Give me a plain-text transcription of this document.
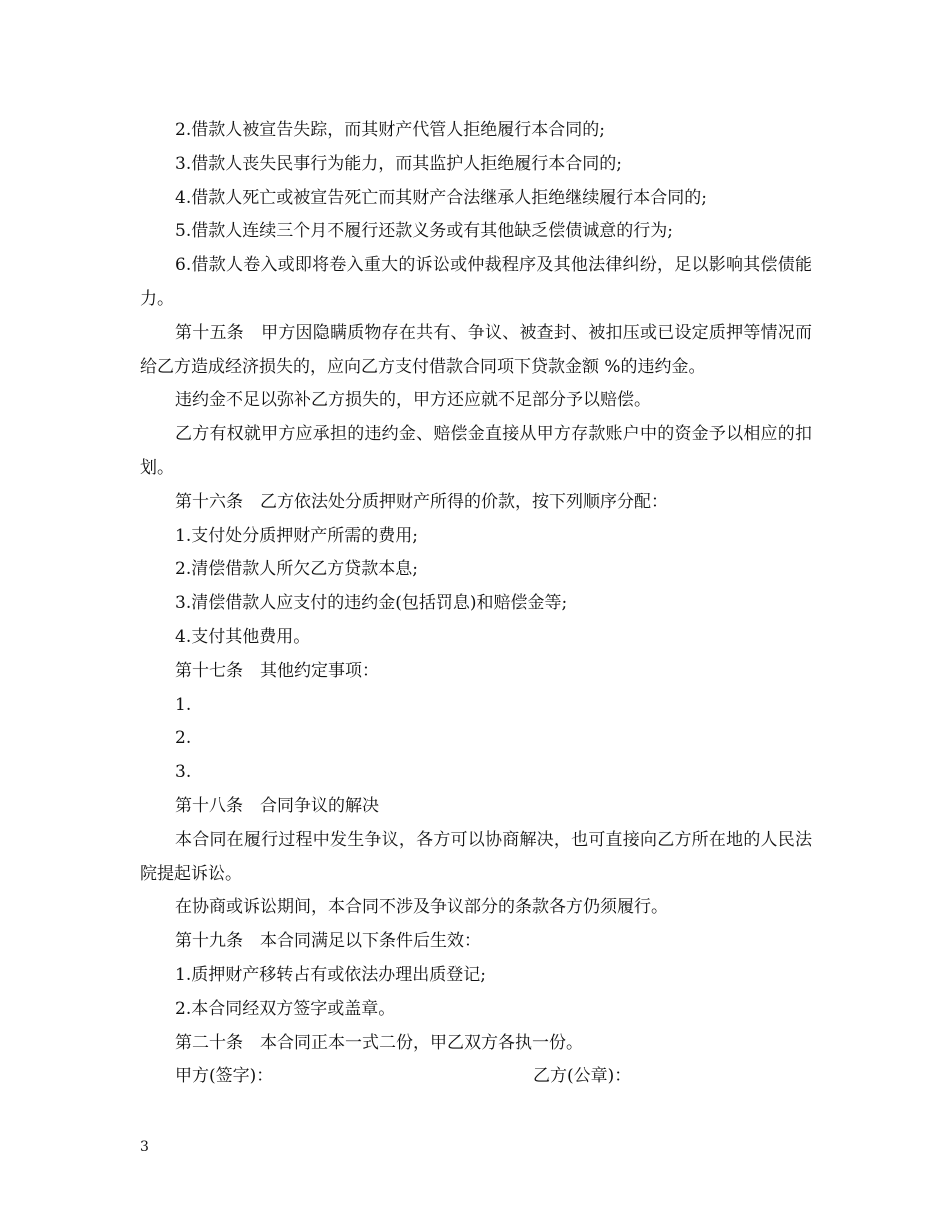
2.借款人被宣告失踪，而其财产代管人拒绝履行本合同的;

3.借款人丧失民事行为能力，而其监护人拒绝履行本合同的;

4.借款人死亡或被宣告死亡而其财产合法继承人拒绝继续履行本合同的;

5.借款人连续三个月不履行还款义务或有其他缺乏偿债诚意的行为;

6.借款人卷入或即将卷入重大的诉讼或仲裁程序及其他法律纠纷，足以影响其偿债能力。

第十五条　甲方因隐瞒质物存在共有、争议、被查封、被扣压或已设定质押等情况而给乙方造成经济损失的，应向乙方支付借款合同项下贷款金额 %的违约金。

违约金不足以弥补乙方损失的，甲方还应就不足部分予以赔偿。

乙方有权就甲方应承担的违约金、赔偿金直接从甲方存款账户中的资金予以相应的扣划。

第十六条　乙方依法处分质押财产所得的价款，按下列顺序分配：

1.支付处分质押财产所需的费用;

2.清偿借款人所欠乙方贷款本息;

3.清偿借款人应支付的违约金(包括罚息)和赔偿金等;

4.支付其他费用。

第十七条　其他约定事项：

1.

2.

3.

第十八条　合同争议的解决

本合同在履行过程中发生争议，各方可以协商解决，也可直接向乙方所在地的人民法院提起诉讼。

在协商或诉讼期间，本合同不涉及争议部分的条款各方仍须履行。

第十九条　本合同满足以下条件后生效：

1.质押财产移转占有或依法办理出质登记;

2.本合同经双方签字或盖章。

第二十条　本合同正本一式二份，甲乙双方各执一份。

甲方(签字)：	乙方(公章)：
3
